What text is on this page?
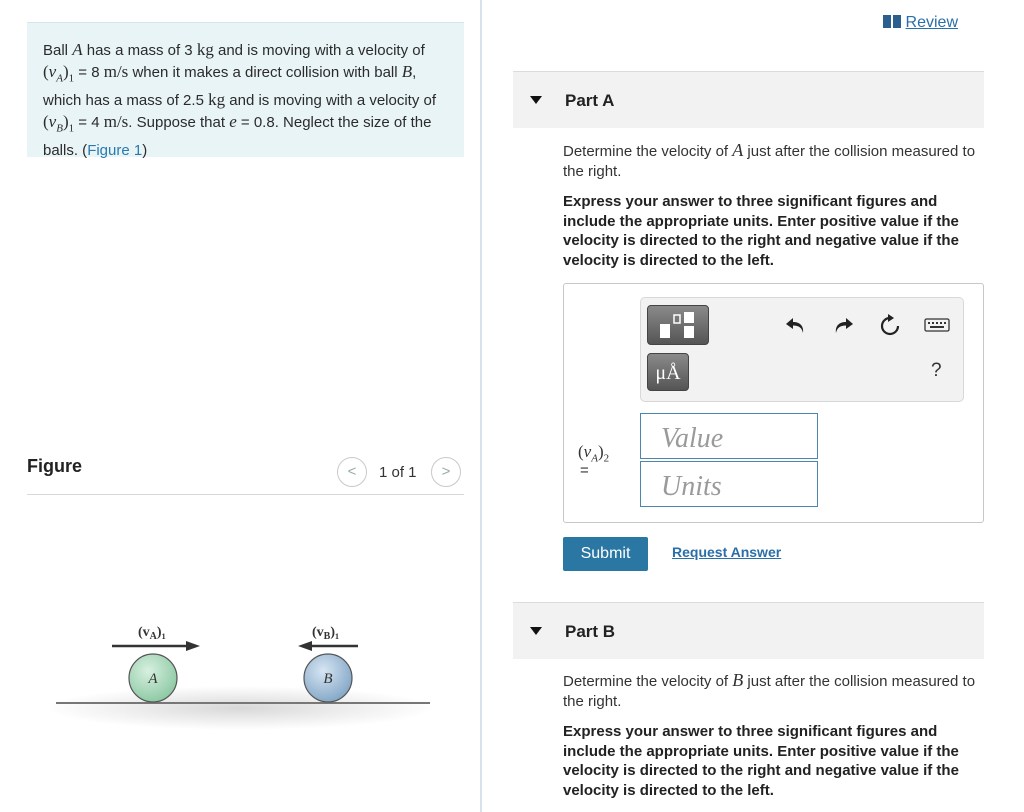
Ball A has a mass of 3 kg and is moving with a velocity of $(v_A)_1 = 8$ m/s when it makes a direct collision with ball B, which has a mass of 2.5 kg and is moving with a velocity of $(v_B)_1 = 4$ m/s. Suppose that e = 0.8. Neglect the size of the balls. (Figure 1)
Figure	<	1 of 1	>
$(v_A)_1$	$(v_B)_1$
A	B
Review
Part A
Determine the velocity of A just after the collision measured to the right.
Express your answer to three significant figures and include the appropriate units. Enter positive value if the velocity is directed to the right and negative value if the velocity is directed to the left.
μÅ	?
$(v_A)_2$
=
Value
Units
Submit	Request Answer
Part B
Determine the velocity of B just after the collision measured to the right.
Express your answer to three significant figures and include the appropriate units. Enter positive value if the velocity is directed to the right and negative value if the velocity is directed to the left.
